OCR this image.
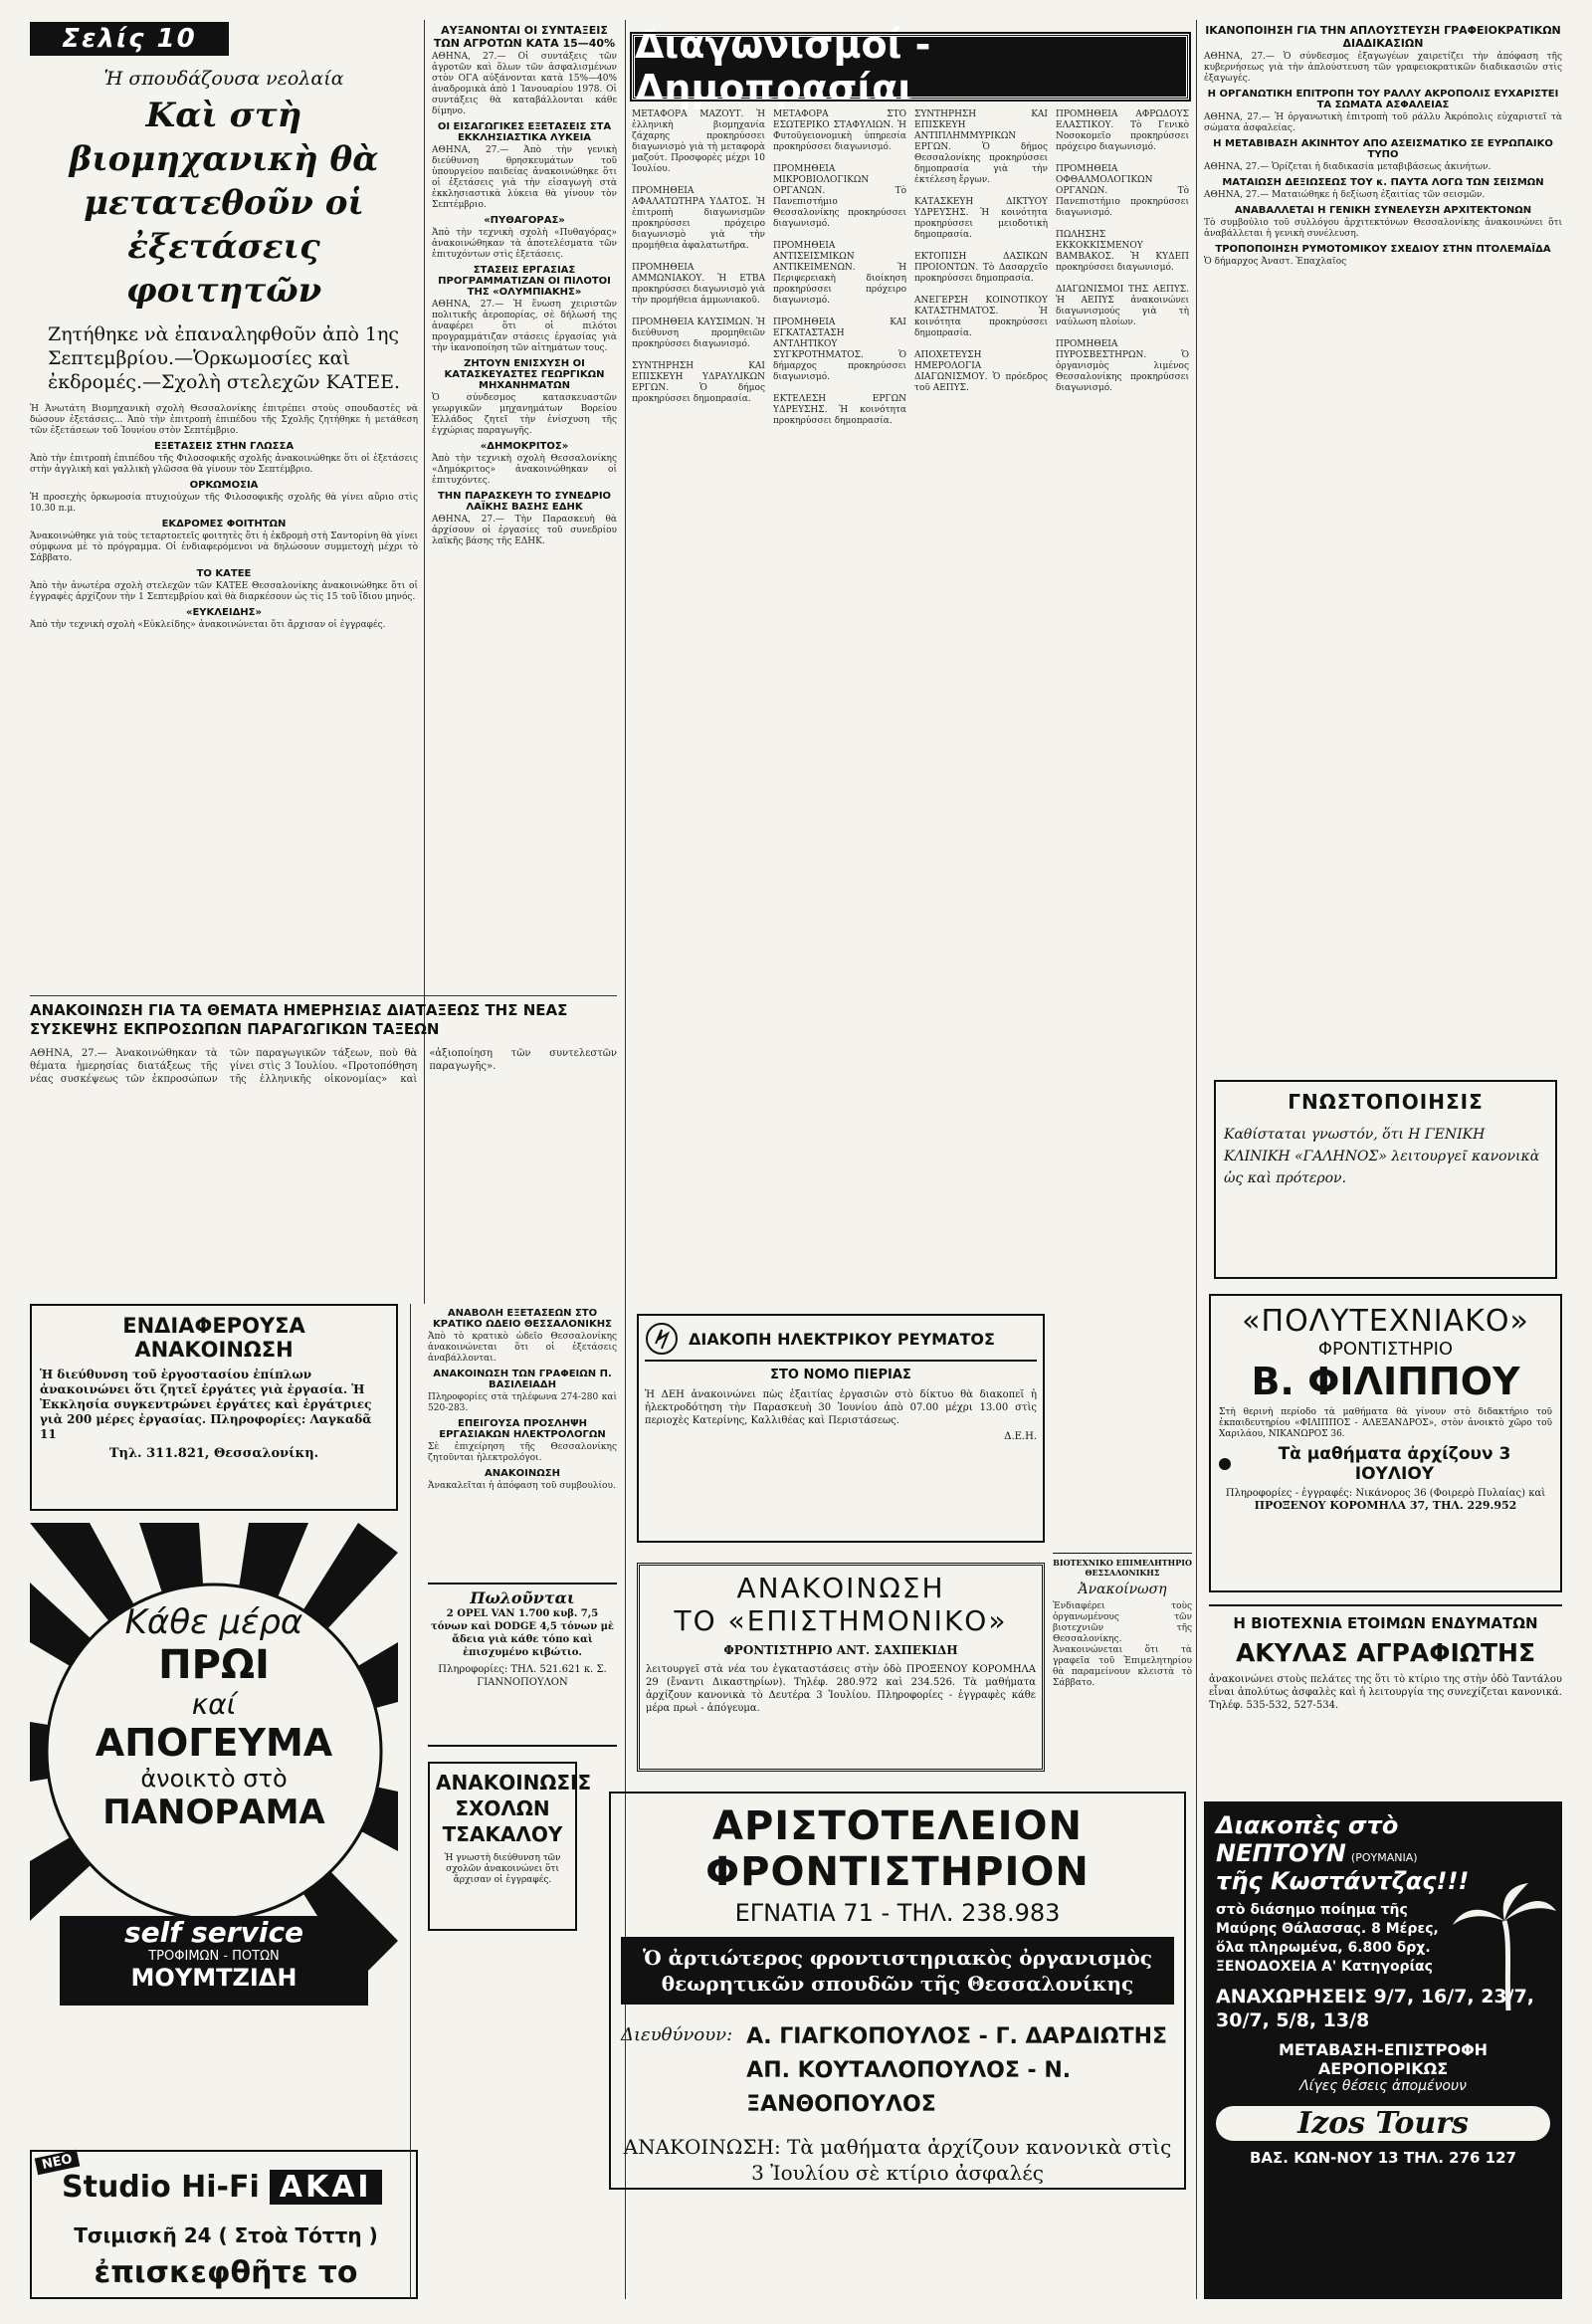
Σελίς 10
Ἡ σπουδάζουσα νεολαία
Καὶ στὴ βιομηχανικὴ θὰ μετατεθοῦν οἱ ἐξετάσεις φοιτητῶν
Ζητήθηκε νὰ ἐπαναληφθοῦν ἀπὸ 1ης Σεπτεμβρίου.—Ὁρκωμοσίες καὶ ἐκδρομές.—Σχολὴ στελεχῶν ΚΑΤΕΕ.
Ἡ Ἀνωτάτη Βιομηχανικὴ σχολὴ Θεσσαλονίκης ἐπιτρέπει στοὺς σπουδαστὲς νὰ δώσουν ἐξετάσεις... Ἀπὸ τὴν ἐπιτροπὴ ἐπιπέδου τῆς Σχολῆς ζητήθηκε ἡ μετάθεση τῶν ἐξετάσεων τοῦ Ἰουνίου στὸν Σεπτέμβριο.
ΕΞΕΤΑΣΕΙΣ ΣΤΗΝ ΓΛΩΣΣΑ
Ἀπὸ τὴν ἐπιτροπὴ ἐπιπέδου τῆς Φιλοσοφικῆς σχολῆς ἀνακοινώθηκε ὅτι οἱ ἐξετάσεις στὴν ἀγγλικὴ καὶ γαλλικὴ γλῶσσα θὰ γίνουν τὸν Σεπτέμβριο.
ΟΡΚΩΜΟΣΙΑ
Ἡ προσεχὴς ὁρκωμοσία πτυχιούχων τῆς Φιλοσοφικῆς σχολῆς θὰ γίνει αὔριο στὶς 10.30 π.μ.
ΕΚΔΡΟΜΕΣ ΦΟΙΤΗΤΩΝ
Ἀνακοινώθηκε γιὰ τοὺς τεταρτοετεῖς φοιτητὲς ὅτι ἡ ἐκδρομὴ στὴ Σαντορίνη θὰ γίνει σύμφωνα μὲ τὸ πρόγραμμα. Οἱ ἐνδιαφερόμενοι νὰ δηλώσουν συμμετοχὴ μέχρι τὸ Σάββατο.
ΤΟ ΚΑΤΕΕ
Ἀπὸ τὴν ἀνωτέρα σχολὴ στελεχῶν τῶν ΚΑΤΕΕ Θεσσαλονίκης ἀνακοινώθηκε ὅτι οἱ ἐγγραφὲς ἀρχίζουν τὴν 1 Σεπτεμβρίου καὶ θὰ διαρκέσουν ὡς τὶς 15 τοῦ ἴδιου μηνός.
«ΕΥΚΛΕΙΔΗΣ»
Ἀπὸ τὴν τεχνικὴ σχολὴ «Εὐκλείδης» ἀνακοινώνεται ὅτι ἄρχισαν οἱ ἐγγραφές.
ΑΥΞΑΝΟΝΤΑΙ ΟΙ ΣΥΝΤΑΞΕΙΣ ΤΩΝ ΑΓΡΟΤΩΝ ΚΑΤΑ 15—40%
ΑΘΗΝΑ, 27.— Οἱ συντάξεις τῶν ἀγροτῶν καὶ ὅλων τῶν ἀσφαλισμένων στὸν ΟΓΑ αὐξάνονται κατὰ 15%—40% ἀναδρομικὰ ἀπὸ 1 Ἰανουαρίου 1978. Οἱ συντάξεις θὰ καταβάλλονται κάθε δίμηνο.
ΟΙ ΕΙΣΑΓΩΓΙΚΕΣ ΕΞΕΤΑΣΕΙΣ ΣΤΑ ΕΚΚΛΗΣΙΑΣΤΙΚΑ ΛΥΚΕΙΑ
ΑΘΗΝΑ, 27.— Ἀπὸ τὴν γενικὴ διεύθυνση θρησκευμάτων τοῦ ὑπουργείου παιδείας ἀνακοινώθηκε ὅτι οἱ ἐξετάσεις γιὰ τὴν εἰσαγωγὴ στὰ ἐκκλησιαστικὰ λύκεια θὰ γίνουν τὸν Σεπτέμβριο.
«ΠΥΘΑΓΟΡΑΣ»
Ἀπὸ τὴν τεχνικὴ σχολὴ «Πυθαγόρας» ἀνακοινώθηκαν τὰ ἀποτελέσματα τῶν ἐπιτυχόντων στὶς ἐξετάσεις.
ΣΤΑΣΕΙΣ ΕΡΓΑΣΙΑΣ ΠΡΟΓΡΑΜΜΑΤΙΖΑΝ ΟΙ ΠΙΛΟΤΟΙ ΤΗΣ «ΟΛΥΜΠΙΑΚΗΣ»
ΑΘΗΝΑ, 27.— Ἡ ἕνωση χειριστῶν πολιτικῆς ἀεροπορίας, σὲ δήλωσή της ἀναφέρει ὅτι οἱ πιλότοι προγραμμάτιζαν στάσεις ἐργασίας γιὰ τὴν ἱκανοποίηση τῶν αἰτημάτων τους.
ΖΗΤΟΥΝ ΕΝΙΣΧΥΣΗ ΟΙ ΚΑΤΑΣΚΕΥΑΣΤΕΣ ΓΕΩΡΓΙΚΩΝ ΜΗΧΑΝΗΜΑΤΩΝ
Ὁ σύνδεσμος κατασκευαστῶν γεωργικῶν μηχανημάτων Βορείου Ἑλλάδος ζητεῖ τὴν ἐνίσχυση τῆς ἐγχώριας παραγωγῆς.
«ΔΗΜΟΚΡΙΤΟΣ»
Ἀπὸ τὴν τεχνικὴ σχολὴ Θεσσαλονίκης «Δημόκριτος» ἀνακοινώθηκαν οἱ ἐπιτυχόντες.
ΤΗΝ ΠΑΡΑΣΚΕΥΗ ΤΟ ΣΥΝΕΔΡΙΟ ΛΑΪΚΗΣ ΒΑΣΗΣ ΕΔΗΚ
ΑΘΗΝΑ, 27.— Τὴν Παρασκευὴ θὰ ἀρχίσουν οἱ ἐργασίες τοῦ συνεδρίου λαϊκῆς βάσης τῆς ΕΔΗΚ.
ΑΝΑΚΟΙΝΩΣΗ ΓΙΑ ΤΑ ΘΕΜΑΤΑ ΗΜΕΡΗΣΙΑΣ ΔΙΑΤΑΞΕΩΣ ΤΗΣ ΝΕΑΣ ΣΥΣΚΕΨΗΣ ΕΚΠΡΟΣΩΠΩΝ ΠΑΡΑΓΩΓΙΚΩΝ ΤΑΞΕΩΝ
ΑΘΗΝΑ, 27.— Ἀνακοινώθηκαν τὰ θέματα ἡμερησίας διατάξεως τῆς νέας συσκέψεως τῶν ἐκπροσώπων τῶν παραγωγικῶν τάξεων, ποὺ θὰ γίνει στὶς 3 Ἰουλίου. «Προτοπόθηση τῆς ἑλληνικῆς οἰκονομίας» καὶ «ἀξιοποίηση τῶν συντελεστῶν παραγωγῆς».
ΕΝΔΙΑΦΕΡΟΥΣΑ ΑΝΑΚΟΙΝΩΣΗ
Ἡ διεύθυνση τοῦ ἐργοστασίου ἐπίπλων ἀνακοινώνει ὅτι ζητεῖ ἐργάτες γιὰ ἐργασία. Ἡ Ἐκκλησία συγκεντρώνει ἐργάτες καὶ ἐργάτριες γιὰ 200 μέρες ἐργασίας. Πληροφορίες: Λαγκαδᾶ 11
Τηλ. 311.821, Θεσσαλονίκη.
Κάθε μέρα
ΠΡΩΙ
καί
ΑΠΟΓΕΥΜΑ
ἀνοικτὸ στὸ
ΠΑΝΟΡΑΜΑ
self service
ΤΡΟΦΙΜΩΝ - ΠΟΤΩΝ
ΜΟΥΜΤΖΙΔΗ
ΝΕΟ
Studio Hi-Fi AKAI
Τσιμισκῆ 24 ( Στοὰ Τόττη )
ἐπισκεφθῆτε το
ΑΝΑΒΟΛΗ ΕΞΕΤΑΣΕΩΝ ΣΤΟ ΚΡΑΤΙΚΟ ΩΔΕΙΟ ΘΕΣΣΑΛΟΝΙΚΗΣ
Ἀπὸ τὸ κρατικὸ ὠδεῖο Θεσσαλονίκης ἀνακοινώνεται ὅτι οἱ ἐξετάσεις ἀναβάλλονται.
ΑΝΑΚΟΙΝΩΣΗ ΤΩΝ ΓΡΑΦΕΙΩΝ Π. ΒΑΣΙΛΕΙΑΔΗ
Πληροφορίες στὰ τηλέφωνα 274-280 καὶ 520-283.
ΕΠΕΙΓΟΥΣΑ ΠΡΟΣΛΗΨΗ ΕΡΓΑΣΙΑΚΩΝ ΗΛΕΚΤΡΟΛΟΓΩΝ
Σὲ ἐπιχείρηση τῆς Θεσσαλονίκης ζητοῦνται ἠλεκτρολόγοι.
ΑΝΑΚΟΙΝΩΣΗ
Ἀνακαλεῖται ἡ ἀπόφαση τοῦ συμβουλίου.
Πωλοῦνται
2 OPEL VAN 1.700 κυβ. 7,5 τόνων καὶ DODGE 4,5 τόνων μὲ ἄδεια γιὰ κάθε τόπο καὶ ἐπισχυμένο κιβώτιο.
Πληροφορίες: ΤΗΛ. 521.621 κ. Σ. ΓΙΑΝΝΟΠΟΥΛΟΝ
ΑΝΑΚΟΙΝΩΣΙΣ ΣΧΟΛΩΝ ΤΣΑΚΑΛΟΥ
Ἡ γνωστὴ διεύθυνση τῶν σχολῶν ἀνακοινώνει ὅτι ἄρχισαν οἱ ἐγγραφές.
Διαγωνισμοί - Δημοπρασίαι
ΜΕΤΑΦΟΡΑ ΜΑΖΟΥΤ. Ἡ ἑλληνικὴ βιομηχανία ζάχαρης προκηρύσσει διαγωνισμὸ γιὰ τὴ μεταφορὰ μαζούτ. Προσφορὲς μέχρι 10 Ἰουλίου.

ΠΡΟΜΗΘΕΙΑ ΑΦΑΛΑΤΩΤΗΡΑ ΥΔΑΤΟΣ. Ἡ ἐπιτροπὴ διαγωνισμῶν προκηρύσσει πρόχειρο διαγωνισμὸ γιὰ τὴν προμήθεια ἀφαλατωτῆρα.

ΠΡΟΜΗΘΕΙΑ ΑΜΜΩΝΙΑΚΟΥ. Ἡ ΕΤΒΑ προκηρύσσει διαγωνισμὸ γιὰ τὴν προμήθεια ἀμμωνιακοῦ.

ΠΡΟΜΗΘΕΙΑ ΚΑΥΣΙΜΩΝ. Ἡ διεύθυνση προμηθειῶν προκηρύσσει διαγωνισμό.

ΣΥΝΤΗΡΗΣΗ ΚΑΙ ΕΠΙΣΚΕΥΗ ΥΔΡΑΥΛΙΚΩΝ ΕΡΓΩΝ. Ὁ δήμος προκηρύσσει δημοπρασία.
ΜΕΤΑΦΟΡΑ ΣΤΟ ΕΣΩΤΕΡΙΚΟ ΣΤΑΦΥΛΙΩΝ. Ἡ Φυτοϋγειονομικὴ ὑπηρεσία προκηρύσσει διαγωνισμό.

ΠΡΟΜΗΘΕΙΑ ΜΙΚΡΟΒΙΟΛΟΓΙΚΩΝ ΟΡΓΑΝΩΝ. Τὸ Πανεπιστήμιο Θεσσαλονίκης προκηρύσσει διαγωνισμό.

ΠΡΟΜΗΘΕΙΑ ΑΝΤΙΣΕΙΣΜΙΚΩΝ ΑΝΤΙΚΕΙΜΕΝΩΝ. Ἡ Περιφερειακὴ διοίκηση προκηρύσσει πρόχειρο διαγωνισμό.

ΠΡΟΜΗΘΕΙΑ ΚΑΙ ΕΓΚΑΤΑΣΤΑΣΗ ΑΝΤΛΗΤΙΚΟΥ ΣΥΓΚΡΟΤΗΜΑΤΟΣ. Ὁ δήμαρχος προκηρύσσει διαγωνισμό.

ΕΚΤΕΛΕΣΗ ΕΡΓΩΝ ΥΔΡΕΥΣΗΣ. Ἡ κοινότητα προκηρύσσει δημοπρασία.
ΣΥΝΤΗΡΗΣΗ ΚΑΙ ΕΠΙΣΚΕΥΗ ΑΝΤΙΠΛΗΜΜΥΡΙΚΩΝ ΕΡΓΩΝ. Ὁ δήμος Θεσσαλονίκης προκηρύσσει δημοπρασία γιὰ τὴν ἐκτέλεση ἔργων.

ΚΑΤΑΣΚΕΥΗ ΔΙΚΤΥΟΥ ΥΔΡΕΥΣΗΣ. Ἡ κοινότητα προκηρύσσει μειοδοτικὴ δημοπρασία.

ΕΚΤΟΠΙΣΗ ΔΑΣΙΚΩΝ ΠΡΟΙΟΝΤΩΝ. Τὸ Δασαρχεῖο προκηρύσσει δημοπρασία.

ΑΝΕΓΕΡΣΗ ΚΟΙΝΟΤΙΚΟΥ ΚΑΤΑΣΤΗΜΑΤΟΣ. Ἡ κοινότητα προκηρύσσει δημοπρασία.

ΑΠΟΧΕΤΕΥΣΗ ΗΜΕΡΟΛΟΓΙΑ ΔΙΑΓΩΝΙΣΜΟΥ. Ὁ πρόεδρος τοῦ ΑΕΠΥΣ.
ΠΡΟΜΗΘΕΙΑ ΑΦΡΩΔΟΥΣ ΕΛΑΣΤΙΚΟΥ. Τὸ Γενικὸ Νοσοκομεῖο προκηρύσσει πρόχειρο διαγωνισμό.

ΠΡΟΜΗΘΕΙΑ ΟΦΘΑΛΜΟΛΟΓΙΚΩΝ ΟΡΓΑΝΩΝ. Τὸ Πανεπιστήμιο προκηρύσσει διαγωνισμό.

ΠΩΛΗΣΗΣ ΕΚΚΟΚΚΙΣΜΕΝΟΥ ΒΑΜΒΑΚΟΣ. Ἡ ΚΥΔΕΠ προκηρύσσει διαγωνισμό.

ΔΙΑΓΩΝΙΣΜΟΙ ΤΗΣ ΑΕΠΥΣ. Ἡ ΑΕΠΥΣ ἀνακοινώνει διαγωνισμούς γιὰ τὴ ναύλωση πλοίων.

ΠΡΟΜΗΘΕΙΑ ΠΥΡΟΣΒΕΣΤΗΡΩΝ. Ὁ ὀργανισμὸς λιμένος Θεσσαλονίκης προκηρύσσει διαγωνισμό.
ΔΙΑΚΟΠΗ ΗΛΕΚΤΡΙΚΟΥ ΡΕΥΜΑΤΟΣ
ΣΤΟ ΝΟΜΟ ΠΙΕΡΙΑΣ
Ἡ ΔΕΗ ἀνακοινώνει πὼς ἐξαιτίας ἐργασιῶν στὸ δίκτυο θὰ διακοπεῖ ἡ ἠλεκτροδότηση τὴν Παρασκευὴ 30 Ἰουνίου ἀπὸ 07.00 μέχρι 13.00 στὶς περιοχὲς Κατερίνης, Καλλιθέας καὶ Περιστάσεως.
Δ.Ε.Η.
ΒΙΟΤΕΧΝΙΚΟ ΕΠΙΜΕΛΗΤΗΡΙΟ ΘΕΣΣΑΛΟΝΙΚΗΣ
Ἀνακοίνωση
Ἐνδιαφέρει τοὺς ὀργανωμένους τῶν βιοτεχνιῶν τῆς Θεσσαλονίκης. Ἀνακοινώνεται ὅτι τὰ γραφεῖα τοῦ Ἐπιμελητηρίου θὰ παραμείνουν κλειστὰ τὸ Σάββατο.
ΑΝΑΚΟΙΝΩΣΗ
ΤΟ «ΕΠΙΣΤΗΜΟΝΙΚΟ»
ΦΡΟΝΤΙΣΤΗΡΙΟ ΑΝΤ. ΣΑΧΠΕΚΙΔΗ
λειτουργεῖ στὰ νέα του ἐγκαταστάσεις στὴν ὁδὸ ΠΡΟΞΕΝΟΥ ΚΟΡΟΜΗΛΑ 29 (ἔναντι Δικαστηρίων). Τηλέφ. 280.972 καὶ 234.526. Τὰ μαθήματα ἀρχίζουν κανονικὰ τὸ Δευτέρα 3 Ἰουλίου. Πληροφορίες - ἐγγραφὲς κάθε μέρα πρωὶ - ἀπόγευμα.
ΑΡΙΣΤΟΤΕΛΕΙΟΝ ΦΡΟΝΤΙΣΤΗΡΙΟΝ
ΕΓΝΑΤΙΑ 71 - ΤΗΛ. 238.983
Ὁ ἀρτιώτερος φροντιστηριακὸς ὀργανισμὸς θεωρητικῶν σπουδῶν τῆς Θεσσαλονίκης
Διευθύνουν: Α. ΓΙΑΓΚΟΠΟΥΛΟΣ - Γ. ΔΑΡΔΙΩΤΗΣ
ΑΠ. ΚΟΥΤΑΛΟΠΟΥΛΟΣ - Ν. ΞΑΝΘΟΠΟΥΛΟΣ
ΑΝΑΚΟΙΝΩΣΗ: Τὰ μαθήματα ἀρχίζουν κανονικὰ στὶς 3 Ἰουλίου σὲ κτίριο ἀσφαλές
ΙΚΑΝΟΠΟΙΗΣΗ ΓΙΑ ΤΗΝ ΑΠΛΟΥΣΤΕΥΣΗ ΓΡΑΦΕΙΟΚΡΑΤΙΚΩΝ ΔΙΑΔΙΚΑΣΙΩΝ
ΑΘΗΝΑ, 27.— Ὁ σύνδεσμος ἐξαγωγέων χαιρετίζει τὴν ἀπόφαση τῆς κυβερνήσεως γιὰ τὴν ἀπλούστευση τῶν γραφειοκρατικῶν διαδικασιῶν στὶς ἐξαγωγές.
Η ΟΡΓΑΝΩΤΙΚΗ ΕΠΙΤΡΟΠΗ ΤΟΥ ΡΑΛΛΥ ΑΚΡΟΠΟΛΙΣ ΕΥΧΑΡΙΣΤΕΙ ΤΑ ΣΩΜΑΤΑ ΑΣΦΑΛΕΙΑΣ
ΑΘΗΝΑ, 27.— Ἡ ὀργανωτικὴ ἐπιτροπὴ τοῦ ράλλυ Ἀκρόπολις εὐχαριστεῖ τὰ σώματα ἀσφαλείας.
Η ΜΕΤΑΒΙΒΑΣΗ ΑΚΙΝΗΤΟΥ ΑΠΟ ΑΣΕΙΣΜΑΤΙΚΟ ΣΕ ΕΥΡΩΠΑΙΚΟ ΤΥΠΟ
ΑΘΗΝΑ, 27.— Ὁρίζεται ἡ διαδικασία μεταβιβάσεως ἀκινήτων.
ΜΑΤΑΙΩΣΗ ΔΕΞΙΩΣΕΩΣ ΤΟΥ κ. ΠΑΥΤΑ ΛΟΓΩ ΤΩΝ ΣΕΙΣΜΩΝ
ΑΘΗΝΑ, 27.— Ματαιώθηκε ἡ δεξίωση ἐξαιτίας τῶν σεισμῶν.
ΑΝΑΒΑΛΛΕΤΑΙ Η ΓΕΝΙΚΗ ΣΥΝΕΛΕΥΣΗ ΑΡΧΙΤΕΚΤΟΝΩΝ
Τὸ συμβούλιο τοῦ συλλόγου ἀρχιτεκτόνων Θεσσαλονίκης ἀνακοινώνει ὅτι ἀναβάλλεται ἡ γενικὴ συνέλευση.
ΤΡΟΠΟΠΟΙΗΣΗ ΡΥΜΟΤΟΜΙΚΟΥ ΣΧΕΔΙΟΥ ΣΤΗΝ ΠΤΟΛΕΜΑΪΔΑ
Ὁ δήμαρχος Ἀναστ. Ἐπαχλαῖος
ΓΝΩΣΤΟΠΟΙΗΣΙΣ
Καθίσταται γνωστόν, ὅτι Η ΓΕΝΙΚΗ ΚΛΙΝΙΚΗ «ΓΑΛΗΝΟΣ» λειτουργεῖ κανονικὰ ὡς καὶ πρότερον.
«ΠΟΛΥΤΕΧΝΙΑΚΟ»
ΦΡΟΝΤΙΣΤΗΡΙΟ
Β. ΦΙΛΙΠΠΟΥ
Στὴ θερινὴ περίοδο τὰ μαθήματα θὰ γίνουν στὸ διδακτήριο τοῦ ἐκπαιδευτηρίου «ΦΙΛΙΠΠΟΣ - ΑΛΕΞΑΝΔΡΟΣ», στὸν ἀνοικτὸ χῶρο τοῦ Χαριλάου, ΝΙΚΑΝΩΡΟΣ 36.
Τὰ μαθήματα ἀρχίζουν 3 ΙΟΥΛΙΟΥ
Πληροφορίες - ἐγγραφές: Νικάνορος 36 (Φοιρερὸ Πυλαίας) καὶ
ΠΡΟΞΕΝΟΥ ΚΟΡΟΜΗΛΑ 37, ΤΗΛ. 229.952
Η ΒΙΟΤΕΧΝΙΑ ΕΤΟΙΜΩΝ ΕΝΔΥΜΑΤΩΝ
ΑΚΥΛΑΣ ΑΓΡΑΦΙΩΤΗΣ
ἀνακοινώνει στοὺς πελάτες της ὅτι τὸ κτίριο της στὴν ὁδὸ Ταντάλου εἶναι ἀπολύτως ἀσφαλὲς καὶ ἡ λειτουργία της συνεχίζεται κανονικά. Τηλέφ. 535-532, 527-534.
Διακοπὲς στὸ
ΝΕΠΤΟΥΝ (ΡΟΥΜΑΝΙΑ)
τῆς Κωστάντζας!!!
στὸ διάσημο ποίημα τῆς Μαύρης Θάλασσας. 8 Μέρες, ὅλα πληρωμένα, 6.800 δρχ. ΞΕΝΟΔΟΧΕΙΑ Α' Κατηγορίας
ΑΝΑΧΩΡΗΣΕΙΣ 9/7, 16/7, 23/7, 30/7, 5/8, 13/8
ΜΕΤΑΒΑΣΗ-ΕΠΙΣΤΡΟΦΗ ΑΕΡΟΠΟΡΙΚΩΣ
Λίγες θέσεις ἀπομένουν
Izos Tours
ΒΑΣ. ΚΩΝ-ΝΟΥ 13 ΤΗΛ. 276 127
